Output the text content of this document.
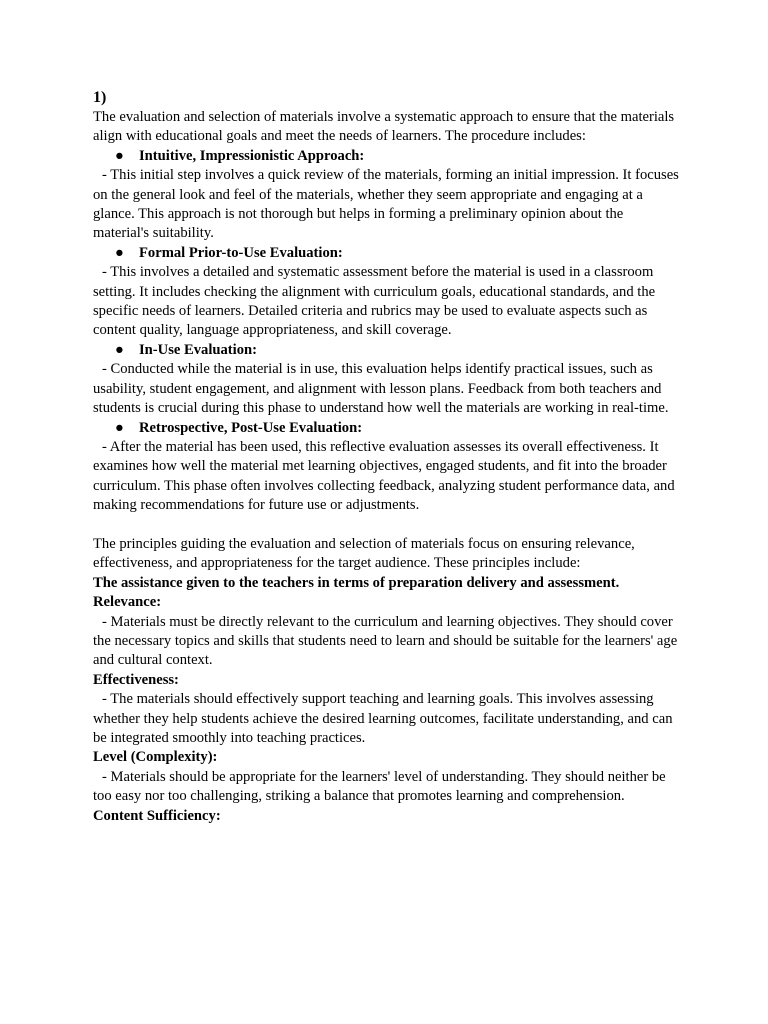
1)

The evaluation and selection of materials involve a systematic approach to ensure that the materials align with educational goals and meet the needs of learners. The procedure includes:

● Intuitive, Impressionistic Approach:

- This initial step involves a quick review of the materials, forming an initial impression. It focuses on the general look and feel of the materials, whether they seem appropriate and engaging at a glance. This approach is not thorough but helps in forming a preliminary opinion about the material's suitability.

● Formal Prior-to-Use Evaluation:

- This involves a detailed and systematic assessment before the material is used in a classroom setting. It includes checking the alignment with curriculum goals, educational standards, and the specific needs of learners. Detailed criteria and rubrics may be used to evaluate aspects such as content quality, language appropriateness, and skill coverage.

● In-Use Evaluation:

- Conducted while the material is in use, this evaluation helps identify practical issues, such as usability, student engagement, and alignment with lesson plans. Feedback from both teachers and students is crucial during this phase to understand how well the materials are working in real-time.

● Retrospective, Post-Use Evaluation:

- After the material has been used, this reflective evaluation assesses its overall effectiveness. It examines how well the material met learning objectives, engaged students, and fit into the broader curriculum. This phase often involves collecting feedback, analyzing student performance data, and making recommendations for future use or adjustments.

The principles guiding the evaluation and selection of materials focus on ensuring relevance, effectiveness, and appropriateness for the target audience. These principles include:

The assistance given to the teachers in terms of preparation delivery and assessment.

Relevance:

- Materials must be directly relevant to the curriculum and learning objectives. They should cover the necessary topics and skills that students need to learn and should be suitable for the learners' age and cultural context.

Effectiveness:

- The materials should effectively support teaching and learning goals. This involves assessing whether they help students achieve the desired learning outcomes, facilitate understanding, and can be integrated smoothly into teaching practices.

Level (Complexity):

- Materials should be appropriate for the learners' level of understanding. They should neither be too easy nor too challenging, striking a balance that promotes learning and comprehension.

Content Sufficiency:
